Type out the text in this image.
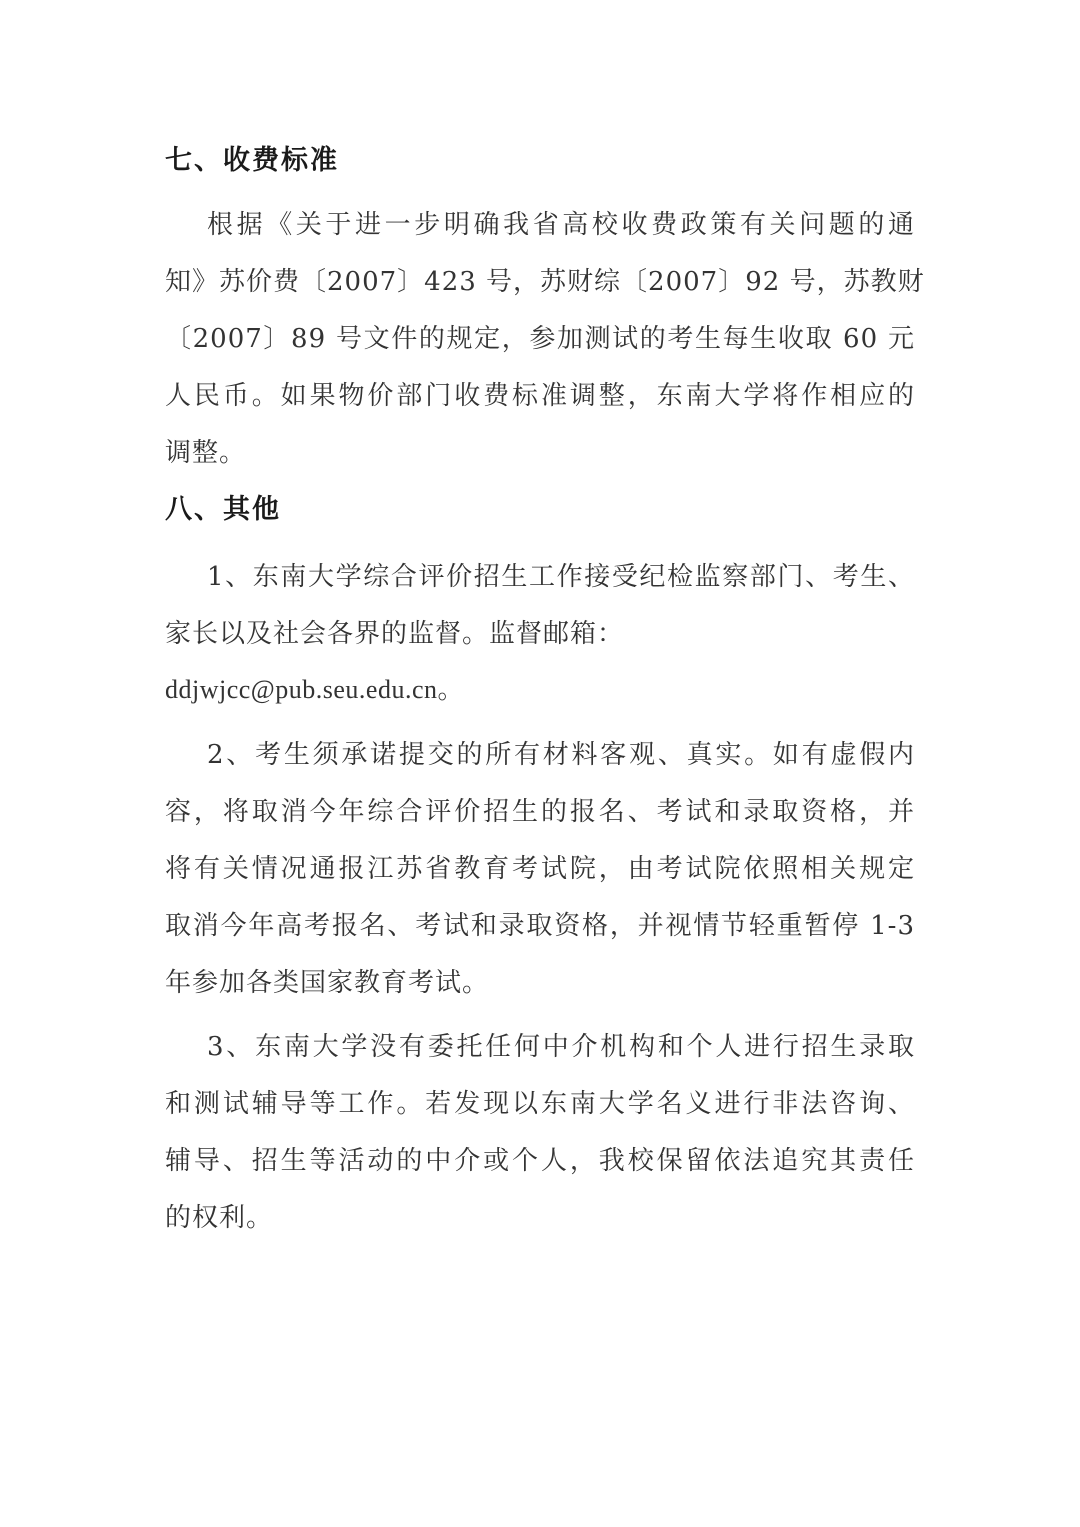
七、收费标准
根据《关于进一步明确我省高校收费政策有关问题的通
知》苏价费〔2007〕423 号，苏财综〔2007〕92 号，苏教财
〔2007〕89 号文件的规定，参加测试的考生每生收取 60 元
人民币。如果物价部门收费标准调整，东南大学将作相应的
调整。
八、其他
1、东南大学综合评价招生工作接受纪检监察部门、考生、
家长以及社会各界的监督。监督邮箱：
ddjwjcc@pub.seu.edu.cn。
2、考生须承诺提交的所有材料客观、真实。如有虚假内
容，将取消今年综合评价招生的报名、考试和录取资格，并
将有关情况通报江苏省教育考试院，由考试院依照相关规定
取消今年高考报名、考试和录取资格，并视情节轻重暂停 1-3
年参加各类国家教育考试。
3、东南大学没有委托任何中介机构和个人进行招生录取
和测试辅导等工作。若发现以东南大学名义进行非法咨询、
辅导、招生等活动的中介或个人，我校保留依法追究其责任
的权利。
